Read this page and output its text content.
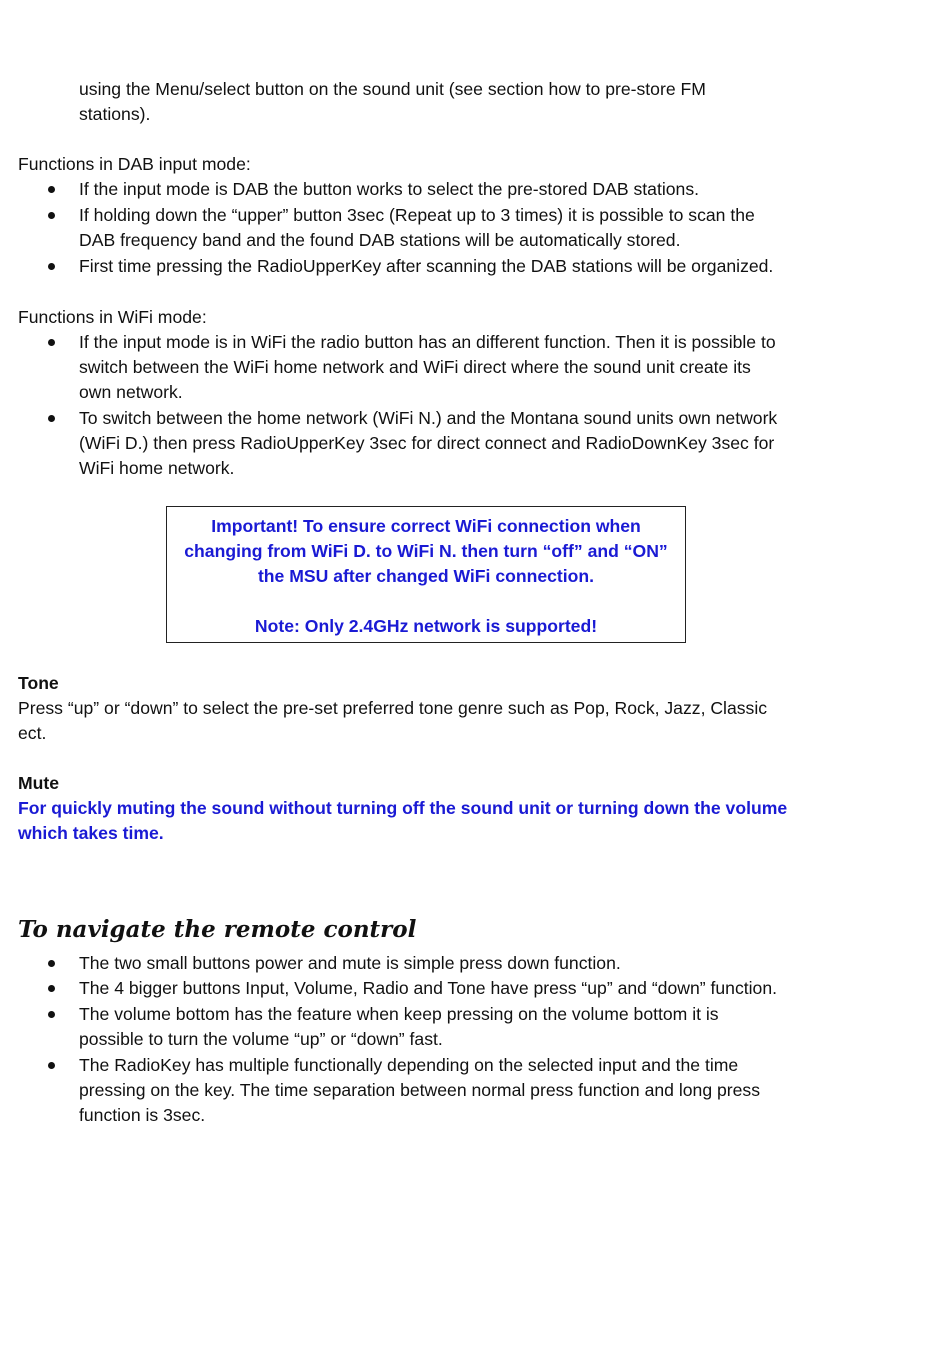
using the Menu/select button on the sound unit (see section how to pre-store FM
stations).
Functions in DAB input mode:
If the input mode is DAB the button works to select the pre-stored DAB stations.
If holding down the “upper” button 3sec (Repeat up to 3 times) it is possible to scan the
DAB frequency band and the found DAB stations will be automatically stored.
First time pressing the RadioUpperKey after scanning the DAB stations will be organized.
Functions in WiFi mode:
If the input mode is in WiFi the radio button has an different function. Then it is possible to
switch between the WiFi home network and WiFi direct where the sound unit create its
own network.
To switch between the home network (WiFi N.) and the Montana sound units own network
(WiFi D.) then press RadioUpperKey 3sec for direct connect and RadioDownKey 3sec for
WiFi home network.
Important! To ensure correct WiFi connection when
changing from WiFi D. to WiFi N. then turn “off” and “ON”
the MSU after changed WiFi connection.
Note: Only 2.4GHz network is supported!
Tone
Press “up” or “down” to select the pre-set preferred tone genre such as Pop, Rock, Jazz, Classic
ect.
Mute
For quickly muting the sound without turning off the sound unit or turning down the volume
which takes time.
To navigate the remote control
The two small buttons power and mute is simple press down function.
The 4 bigger buttons Input, Volume, Radio and Tone have press “up” and “down” function.
The volume bottom has the feature when keep pressing on the volume bottom it is
possible to turn the volume “up” or “down” fast.
The RadioKey has multiple functionally depending on the selected input and the time
pressing on the key. The time separation between normal press function and long press
function is 3sec.
